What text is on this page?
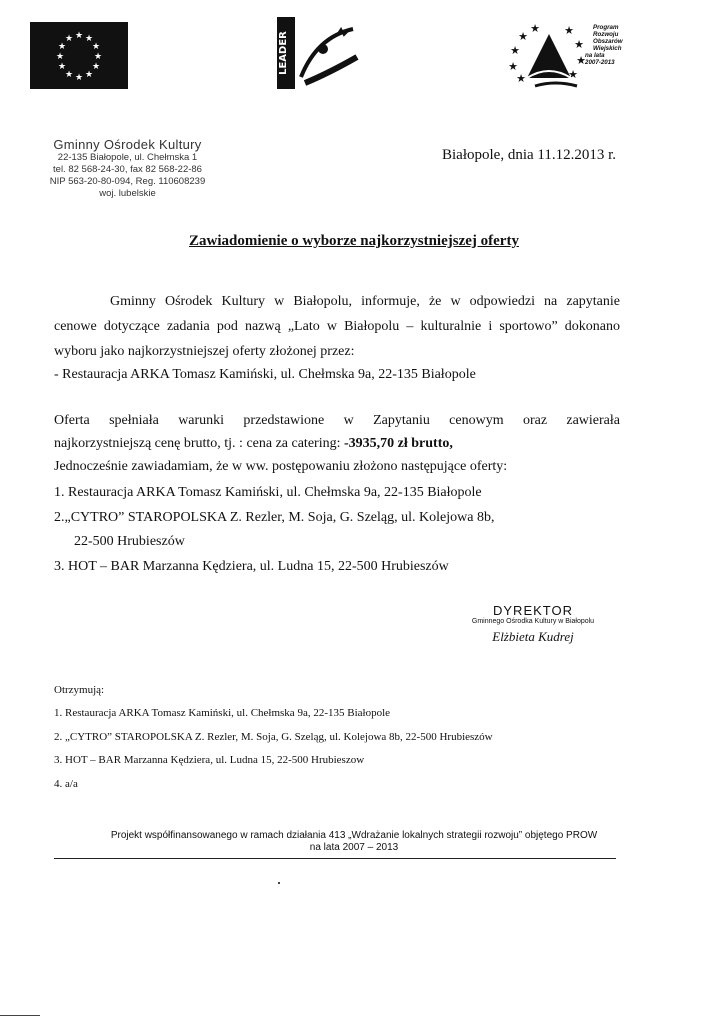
★ ★
★
★
★
★
★
★
★
★
★
★	LEADER	★
★
★
★ ★
★
★
★
★
Program
Rozwoju
Obszarów
Wiejskich
na lata 2007-2013
Gminny Ośrodek Kultury
22-135 Białopole, ul. Chełmska 1
tel. 82 568-24-30, fax 82 568-22-86
NIP 563-20-80-094, Reg. 110608239
woj. lubelskie
Białopole, dnia 11.12.2013 r.
Zawiadomienie o wyborze najkorzystniejszej oferty
Gminny Ośrodek Kultury w Białopolu, informuje, że w odpowiedzi na zapytanie
cenowe dotyczące zadania pod nazwą „Lato w Białopolu – kulturalnie i sportowo” dokonano
wyboru jako najkorzystniejszej oferty złożonej przez:
- Restauracja ARKA Tomasz Kamiński, ul. Chełmska 9a, 22-135 Białopole
Oferta spełniała warunki przedstawione w Zapytaniu cenowym oraz zawierała
najkorzystniejszą cenę brutto, tj. : cena za catering: -3935,70 zł brutto,
Jednocześnie zawiadamiam, że w ww. postępowaniu złożono następujące oferty:
1. Restauracja ARKA Tomasz Kamiński, ul. Chełmska 9a, 22-135 Białopole
2.„CYTRO” STAROPOLSKA Z. Rezler, M. Soja, G. Szeląg, ul. Kolejowa 8b,
22-500 Hrubieszów
3. HOT – BAR Marzanna Kędziera, ul. Ludna 15, 22-500 Hrubieszów
DYREKTOR
Gminnego Ośrodka Kultury w Białopolu
Elżbieta Kudrej
Otrzymują:
1. Restauracja ARKA Tomasz Kamiński, ul. Chełmska 9a, 22-135 Białopole
2. „CYTRO” STAROPOLSKA Z. Rezler, M. Soja, G. Szeląg, ul. Kolejowa 8b, 22-500 Hrubieszów
3. HOT – BAR Marzanna Kędziera, ul. Ludna 15, 22-500 Hrubieszow
4. a/a
Projekt współfinansowanego w ramach działania 413 „Wdrażanie lokalnych strategii rozwoju” objętego PROW
na lata 2007 – 2013
